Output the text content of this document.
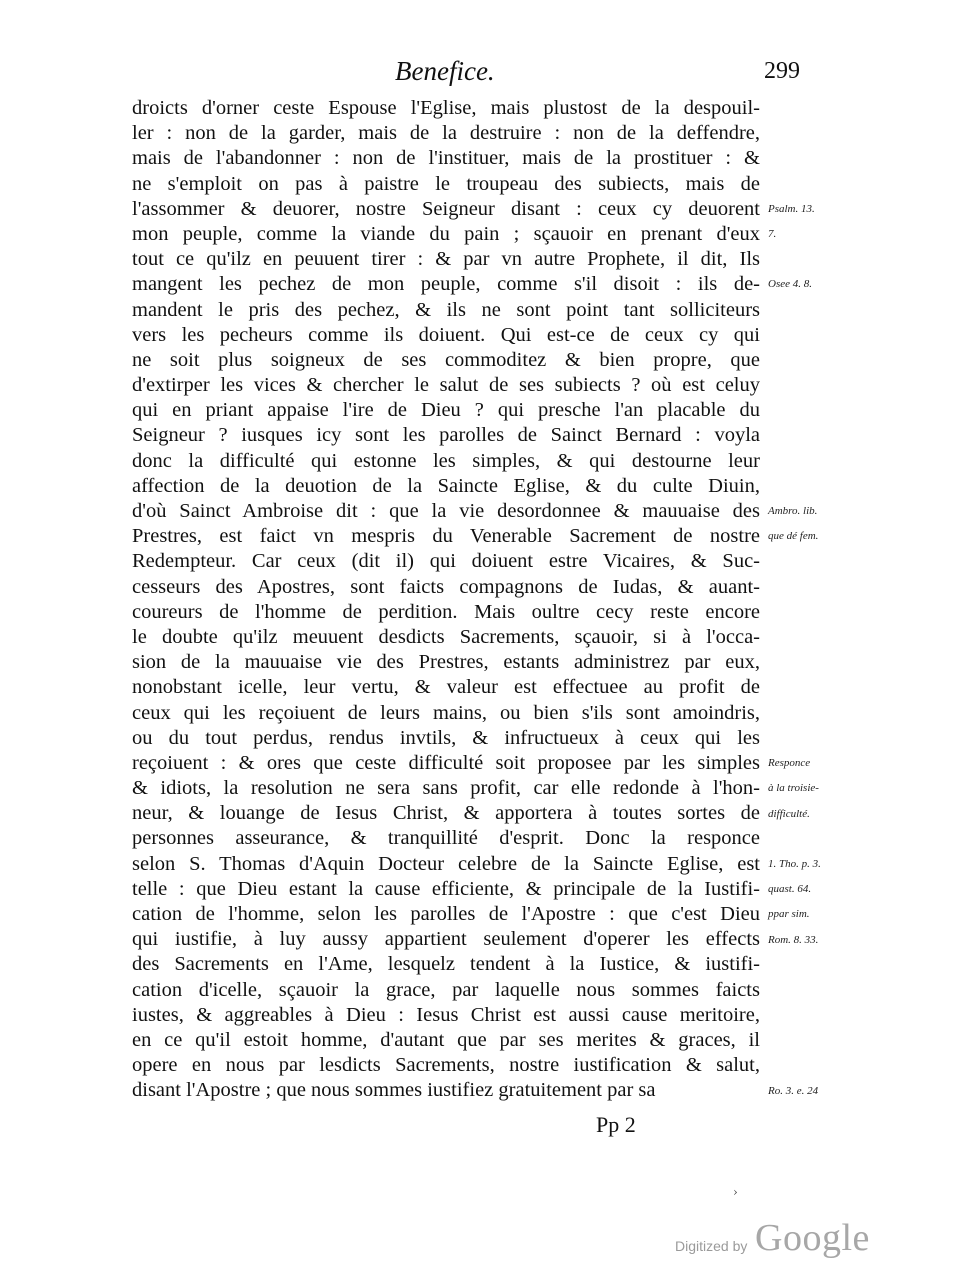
Benefice.	299
droicts d'orner ceste Espouse l'Eglise, mais plustost de la despouil-
ler : non de la garder, mais de la destruire : non de la deffendre,
mais de l'abandonner : non de l'instituer, mais de la prostituer : &
ne s'emploit on pas à paistre le troupeau des subiects, mais de
l'assommer & deuorer, nostre Seigneur disant : ceux cy deuorent
mon peuple, comme la viande du pain ; sçauoir en prenant d'eux
tout ce qu'ilz en peuuent tirer : & par vn autre Prophete, il dit, Ils
mangent les pechez de mon peuple, comme s'il disoit : ils de-
mandent le pris des pechez, & ils ne sont point tant solliciteurs
vers les pecheurs comme ils doiuent. Qui est-ce de ceux cy qui
ne soit plus soigneux de ses commoditez & bien propre, que
d'extirper les vices & chercher le salut de ses subiects ? où est celuy
qui en priant appaise l'ire de Dieu ? qui presche l'an placable du
Seigneur ? iusques icy sont les parolles de Sainct Bernard : voyla
donc la difficulté qui estonne les simples, & qui destourne leur
affection de la deuotion de la Saincte Eglise, & du culte Diuin,
d'où Sainct Ambroise dit : que la vie desordonnee & mauuaise des
Prestres, est faict vn mespris du Venerable Sacrement de nostre
Redempteur. Car ceux (dit il) qui doiuent estre Vicaires, & Suc-
cesseurs des Apostres, sont faicts compagnons de Iudas, & auant-
coureurs de l'homme de perdition. Mais oultre cecy reste encore
le doubte qu'ilz meuuent desdicts Sacrements, sçauoir, si à l'occa-
sion de la mauuaise vie des Prestres, estants administrez par eux,
nonobstant icelle, leur vertu, & valeur est effectuee au profit de
ceux qui les reçoiuent de leurs mains, ou bien s'ils sont amoindris,
ou du tout perdus, rendus invtils, & infructueux à ceux qui les
reçoiuent : & ores que ceste difficulté soit proposee par les simples
& idiots, la resolution ne sera sans profit, car elle redonde à l'hon-
neur, & louange de Iesus Christ, & apportera à toutes sortes de
personnes asseurance, & tranquillité d'esprit. Donc la responce
selon S. Thomas d'Aquin Docteur celebre de la Saincte Eglise, est
telle : que Dieu estant la cause efficiente, & principale de la Iustifi-
cation de l'homme, selon les parolles de l'Apostre : que c'est Dieu
qui iustifie, à luy aussy appartient seulement d'operer les effects
des Sacrements en l'Ame, lesquelz tendent à la Iustice, & iustifi-
cation d'icelle, sçauoir la grace, par laquelle nous sommes faicts
iustes, & aggreables à Dieu : Iesus Christ est aussi cause meritoire,
en ce qu'il estoit homme, d'autant que par ses merites & graces, il
opere en nous par lesdicts Sacrements, nostre iustification & salut,
disant l'Apostre ; que nous sommes iustifiez gratuitement par sa
Psalm. 13.
7.
Osee 4. 8.
Ambro. lib.
que dé fem.
Responce
à la troisie-
difficulté.
1. Tho. p. 3.
quast. 64.
ppar sim.
Rom. 8. 33.
Ro. 3. e. 24
Pp 2
›
Digitized by Google
